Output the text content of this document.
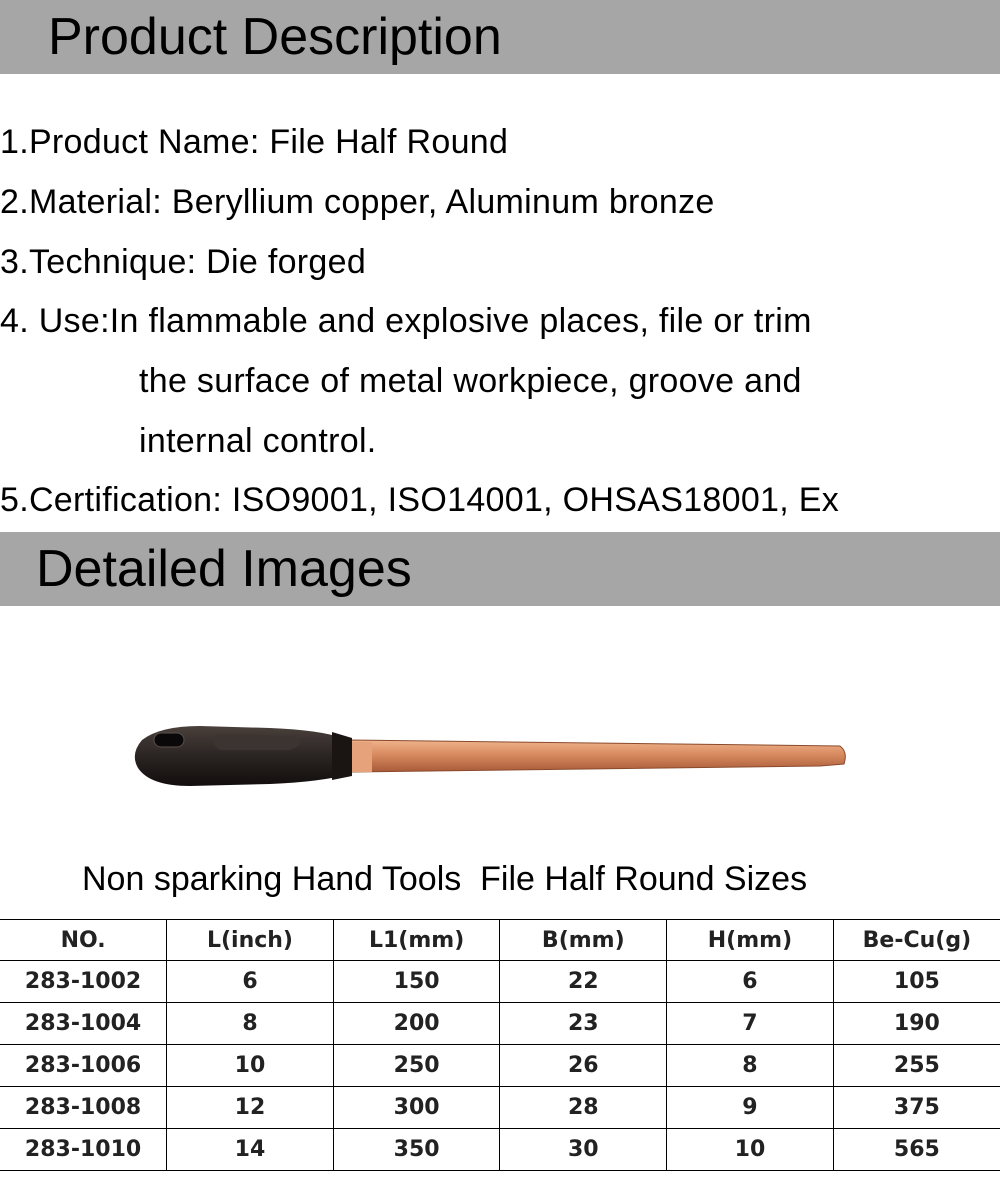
Product Description
1.Product Name: File Half Round
2.Material: Beryllium copper, Aluminum bronze
3.Technique: Die forged
4. Use:In flammable and explosive places, file or trim
the surface of metal workpiece, groove and
internal control.
5.Certification: ISO9001, ISO14001, OHSAS18001, Ex
Detailed Images
Non sparking Hand Tools  File Half Round Sizes
NO.	L(inch)	L1(mm)	B(mm)	H(mm)	Be-Cu(g)
283-1002	6	150	22	6	105
283-1004	8	200	23	7	190
283-1006	10	250	26	8	255
283-1008	12	300	28	9	375
283-1010	14	350	30	10	565
